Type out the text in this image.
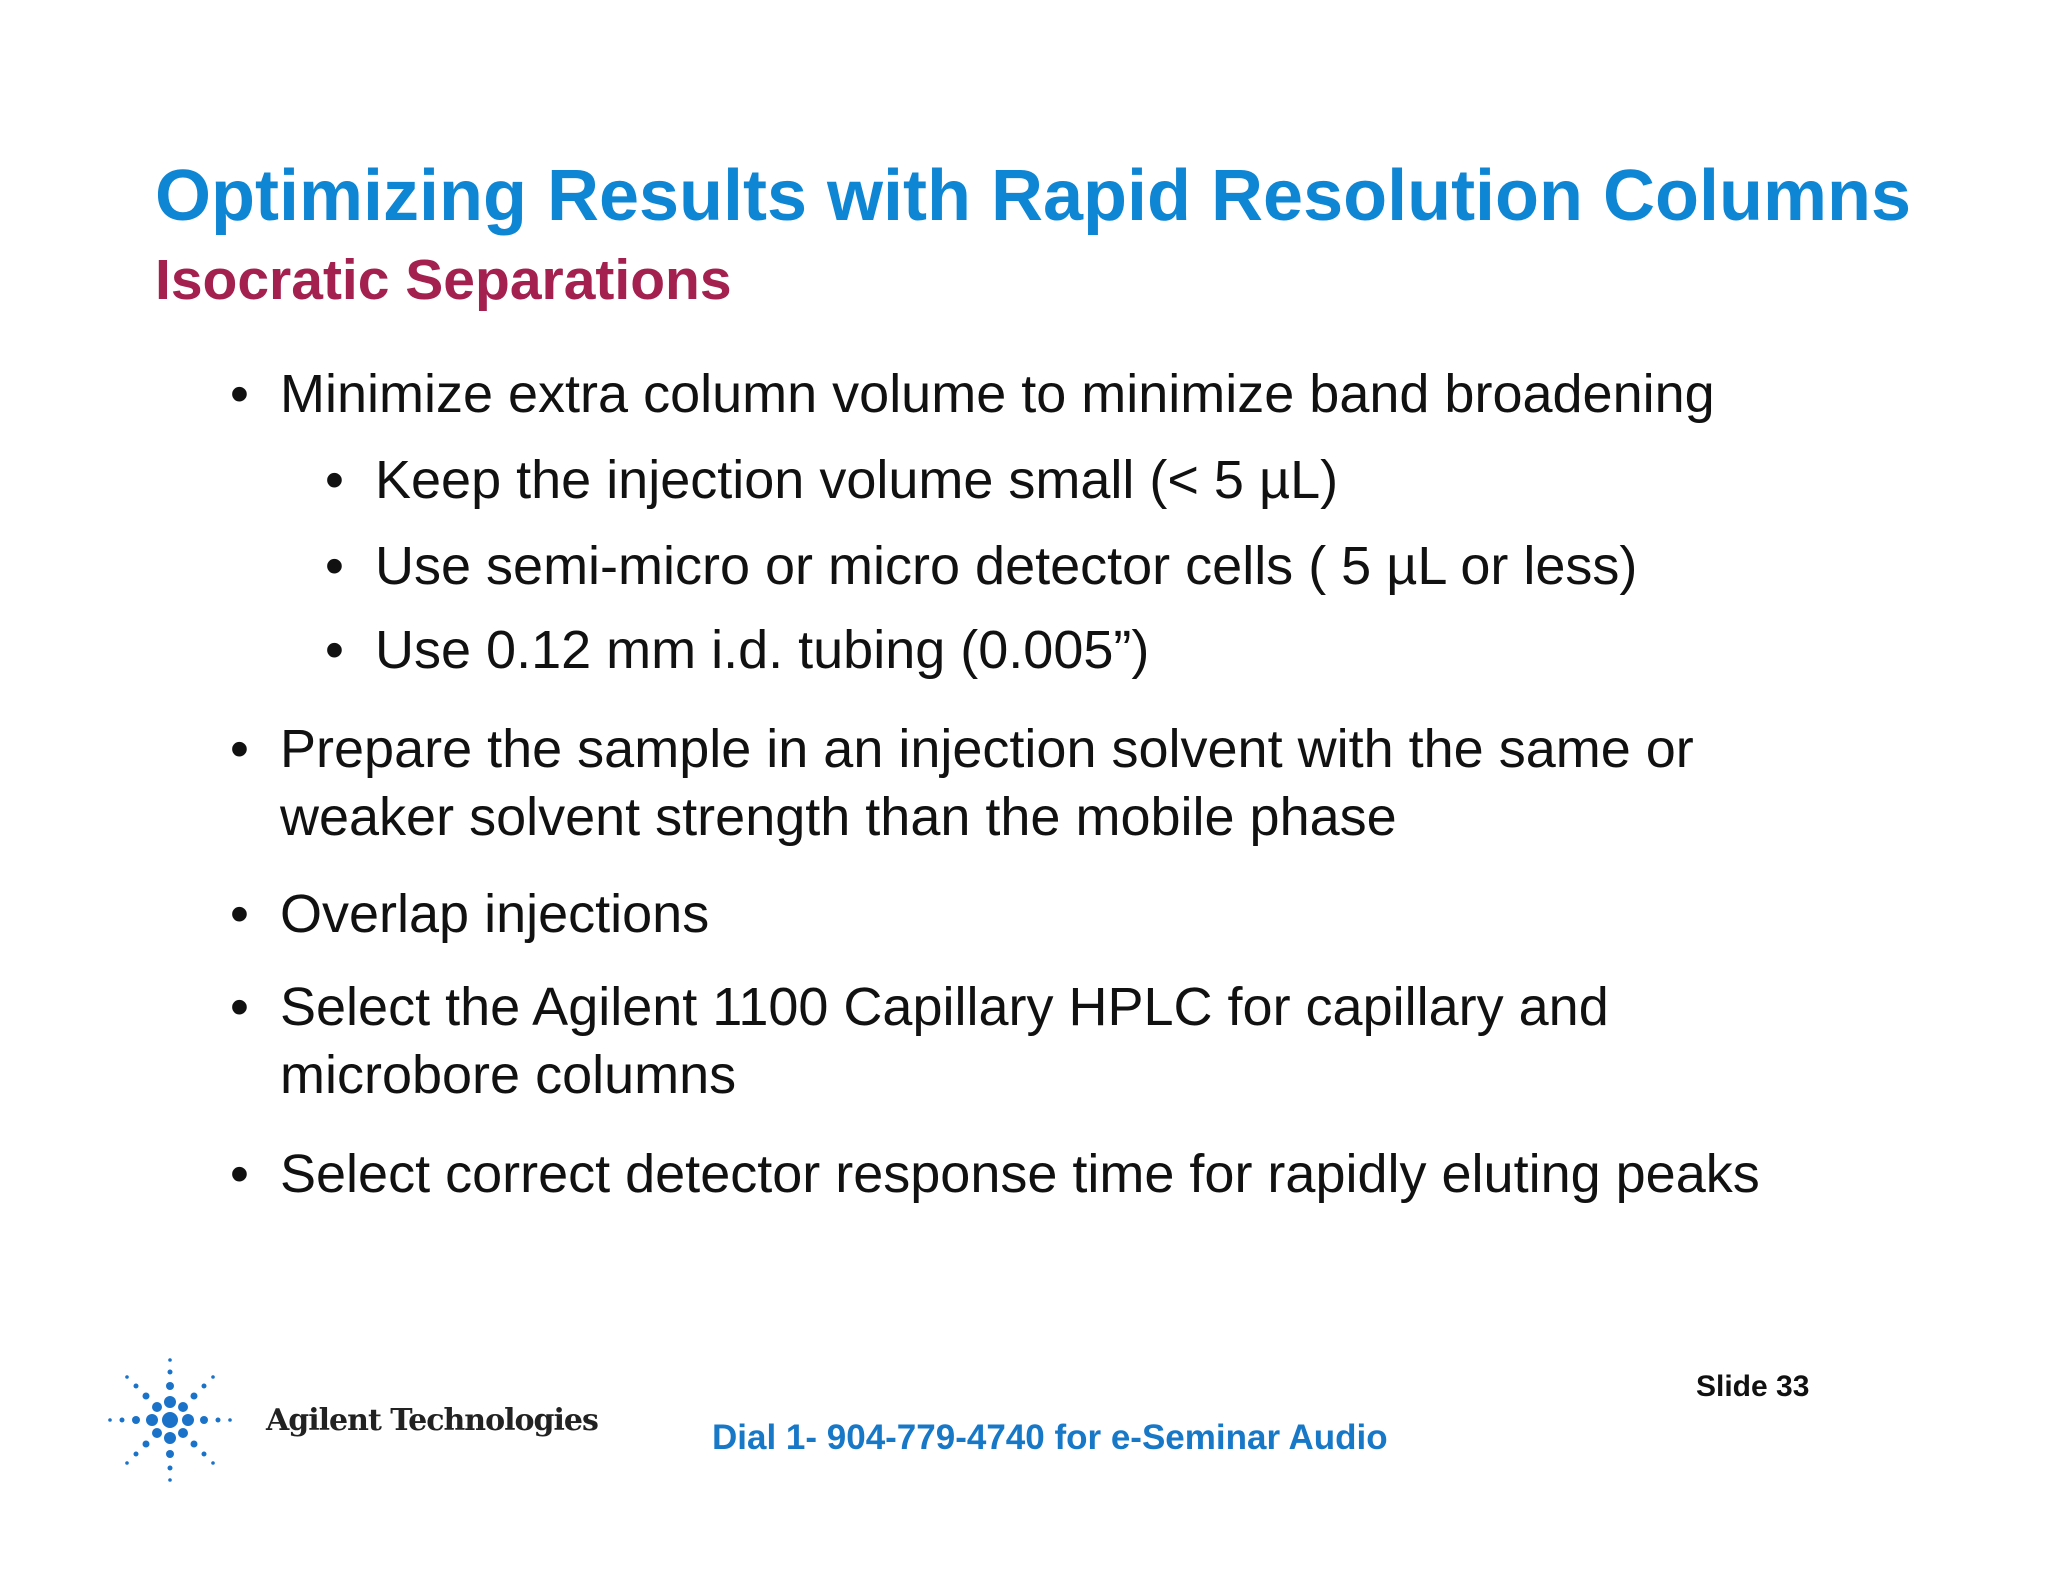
Optimizing Results with Rapid Resolution Columns
Isocratic Separations
• Minimize extra column volume to minimize band broadening
• Keep the injection volume small (< 5 µL)
• Use semi-micro or micro detector cells ( 5 µL or less)
• Use 0.12 mm i.d. tubing (0.005”)
• Prepare the sample in an injection solvent with the same or weaker solvent strength than the mobile phase
• Overlap injections
• Select the Agilent 1100 Capillary HPLC for capillary and microbore columns
• Select correct detector response time for rapidly eluting peaks
Agilent Technologies	Dial 1- 904-779-4740 for e-Seminar Audio
Slide 33
